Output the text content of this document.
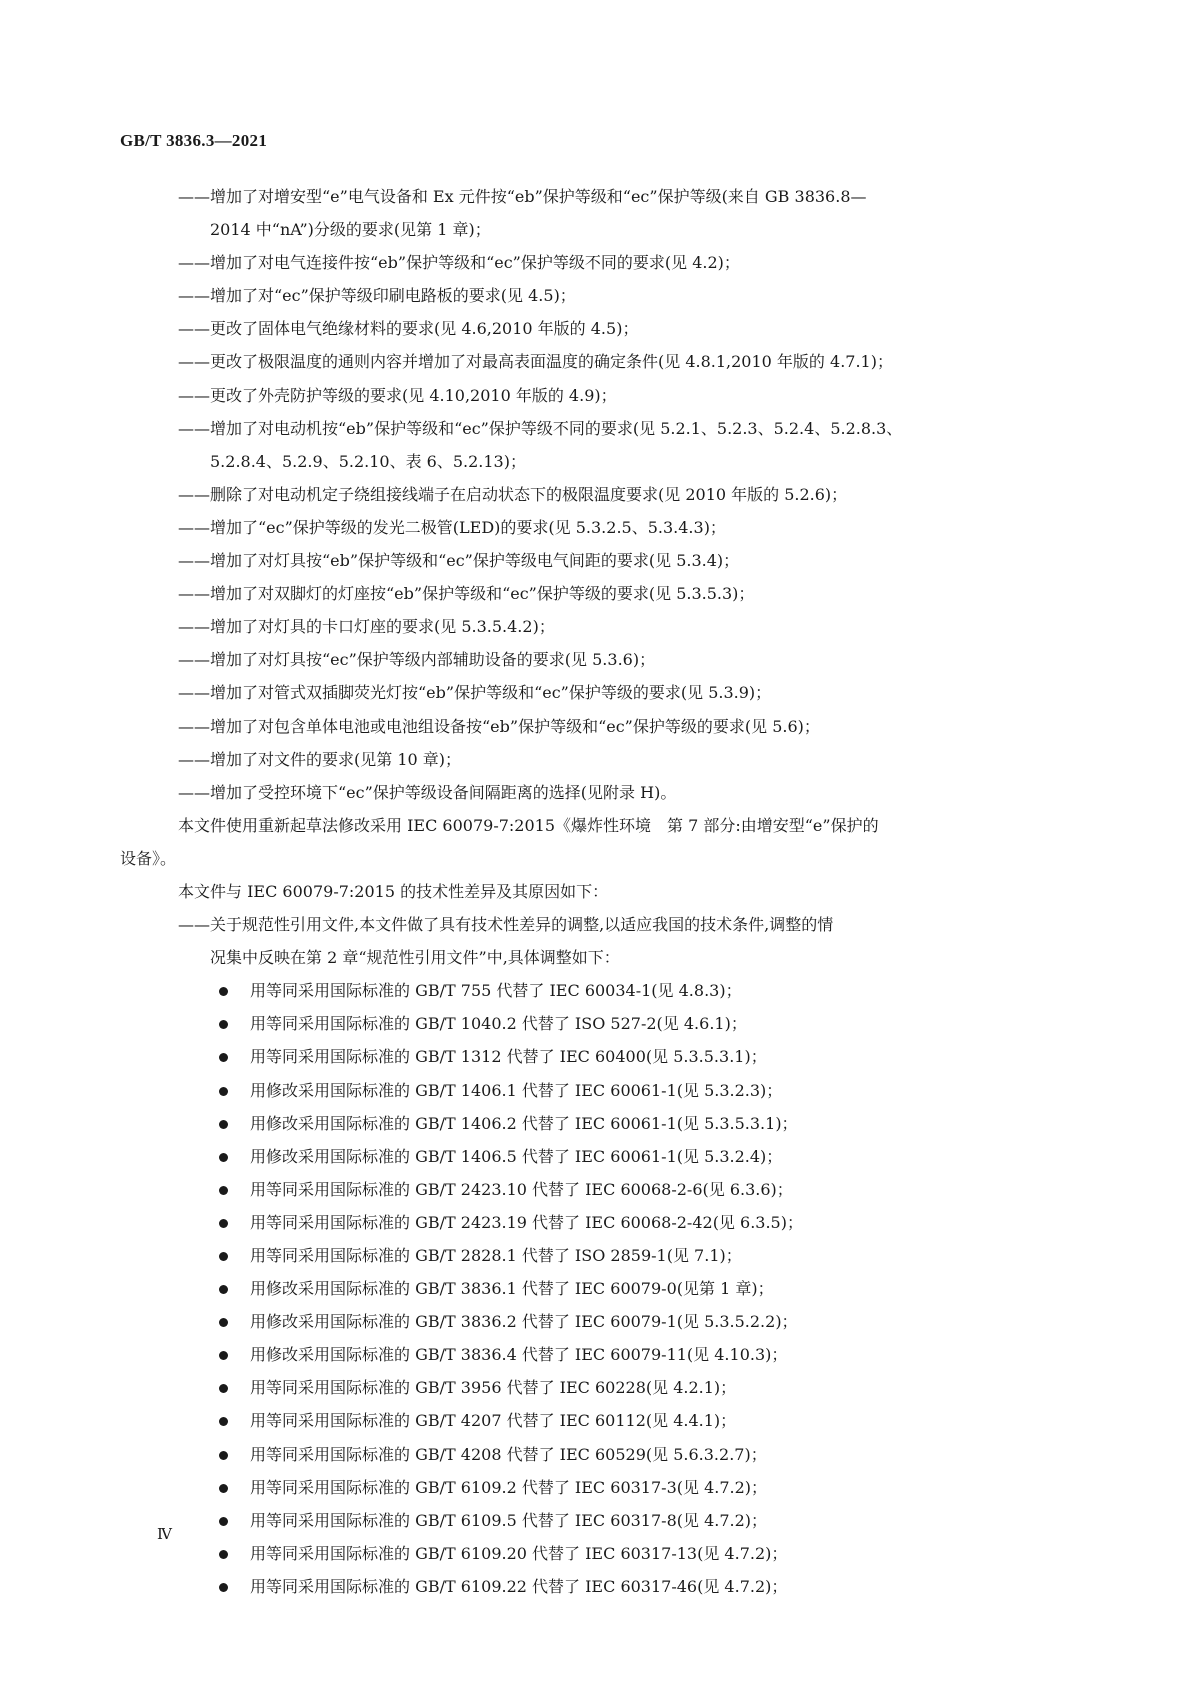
GB/T 3836.3—2021
——增加了对增安型“e”电气设备和 Ex 元件按“eb”保护等级和“ec”保护等级(来自 GB 3836.8—
2014 中“nA”)分级的要求(见第 1 章)；
——增加了对电气连接件按“eb”保护等级和“ec”保护等级不同的要求(见 4.2)；
——增加了对“ec”保护等级印刷电路板的要求(见 4.5)；
——更改了固体电气绝缘材料的要求(见 4.6,2010 年版的 4.5)；
——更改了极限温度的通则内容并增加了对最高表面温度的确定条件(见 4.8.1,2010 年版的 4.7.1)；
——更改了外壳防护等级的要求(见 4.10,2010 年版的 4.9)；
——增加了对电动机按“eb”保护等级和“ec”保护等级不同的要求(见 5.2.1、5.2.3、5.2.4、5.2.8.3、
5.2.8.4、5.2.9、5.2.10、表 6、5.2.13)；
——删除了对电动机定子绕组接线端子在启动状态下的极限温度要求(见 2010 年版的 5.2.6)；
——增加了“ec”保护等级的发光二极管(LED)的要求(见 5.3.2.5、5.3.4.3)；
——增加了对灯具按“eb”保护等级和“ec”保护等级电气间距的要求(见 5.3.4)；
——增加了对双脚灯的灯座按“eb”保护等级和“ec”保护等级的要求(见 5.3.5.3)；
——增加了对灯具的卡口灯座的要求(见 5.3.5.4.2)；
——增加了对灯具按“ec”保护等级内部辅助设备的要求(见 5.3.6)；
——增加了对管式双插脚荧光灯按“eb”保护等级和“ec”保护等级的要求(见 5.3.9)；
——增加了对包含单体电池或电池组设备按“eb”保护等级和“ec”保护等级的要求(见 5.6)；
——增加了对文件的要求(见第 10 章)；
——增加了受控环境下“ec”保护等级设备间隔距离的选择(见附录 H)。
本文件使用重新起草法修改采用 IEC 60079-7:2015《爆炸性环境　第 7 部分:由增安型“e”保护的
设备》。
本文件与 IEC 60079-7:2015 的技术性差异及其原因如下：
——关于规范性引用文件,本文件做了具有技术性差异的调整,以适应我国的技术条件,调整的情
况集中反映在第 2 章“规范性引用文件”中,具体调整如下：
用等同采用国际标准的 GB/T 755 代替了 IEC 60034-1(见 4.8.3)；
用等同采用国际标准的 GB/T 1040.2 代替了 ISO 527-2(见 4.6.1)；
用等同采用国际标准的 GB/T 1312 代替了 IEC 60400(见 5.3.5.3.1)；
用修改采用国际标准的 GB/T 1406.1 代替了 IEC 60061-1(见 5.3.2.3)；
用修改采用国际标准的 GB/T 1406.2 代替了 IEC 60061-1(见 5.3.5.3.1)；
用修改采用国际标准的 GB/T 1406.5 代替了 IEC 60061-1(见 5.3.2.4)；
用等同采用国际标准的 GB/T 2423.10 代替了 IEC 60068-2-6(见 6.3.6)；
用等同采用国际标准的 GB/T 2423.19 代替了 IEC 60068-2-42(见 6.3.5)；
用等同采用国际标准的 GB/T 2828.1 代替了 ISO 2859-1(见 7.1)；
用修改采用国际标准的 GB/T 3836.1 代替了 IEC 60079-0(见第 1 章)；
用修改采用国际标准的 GB/T 3836.2 代替了 IEC 60079-1(见 5.3.5.2.2)；
用修改采用国际标准的 GB/T 3836.4 代替了 IEC 60079-11(见 4.10.3)；
用等同采用国际标准的 GB/T 3956 代替了 IEC 60228(见 4.2.1)；
用等同采用国际标准的 GB/T 4207 代替了 IEC 60112(见 4.4.1)；
用等同采用国际标准的 GB/T 4208 代替了 IEC 60529(见 5.6.3.2.7)；
用等同采用国际标准的 GB/T 6109.2 代替了 IEC 60317-3(见 4.7.2)；
用等同采用国际标准的 GB/T 6109.5 代替了 IEC 60317-8(见 4.7.2)；
用等同采用国际标准的 GB/T 6109.20 代替了 IEC 60317-13(见 4.7.2)；
用等同采用国际标准的 GB/T 6109.22 代替了 IEC 60317-46(见 4.7.2)；
Ⅳ
